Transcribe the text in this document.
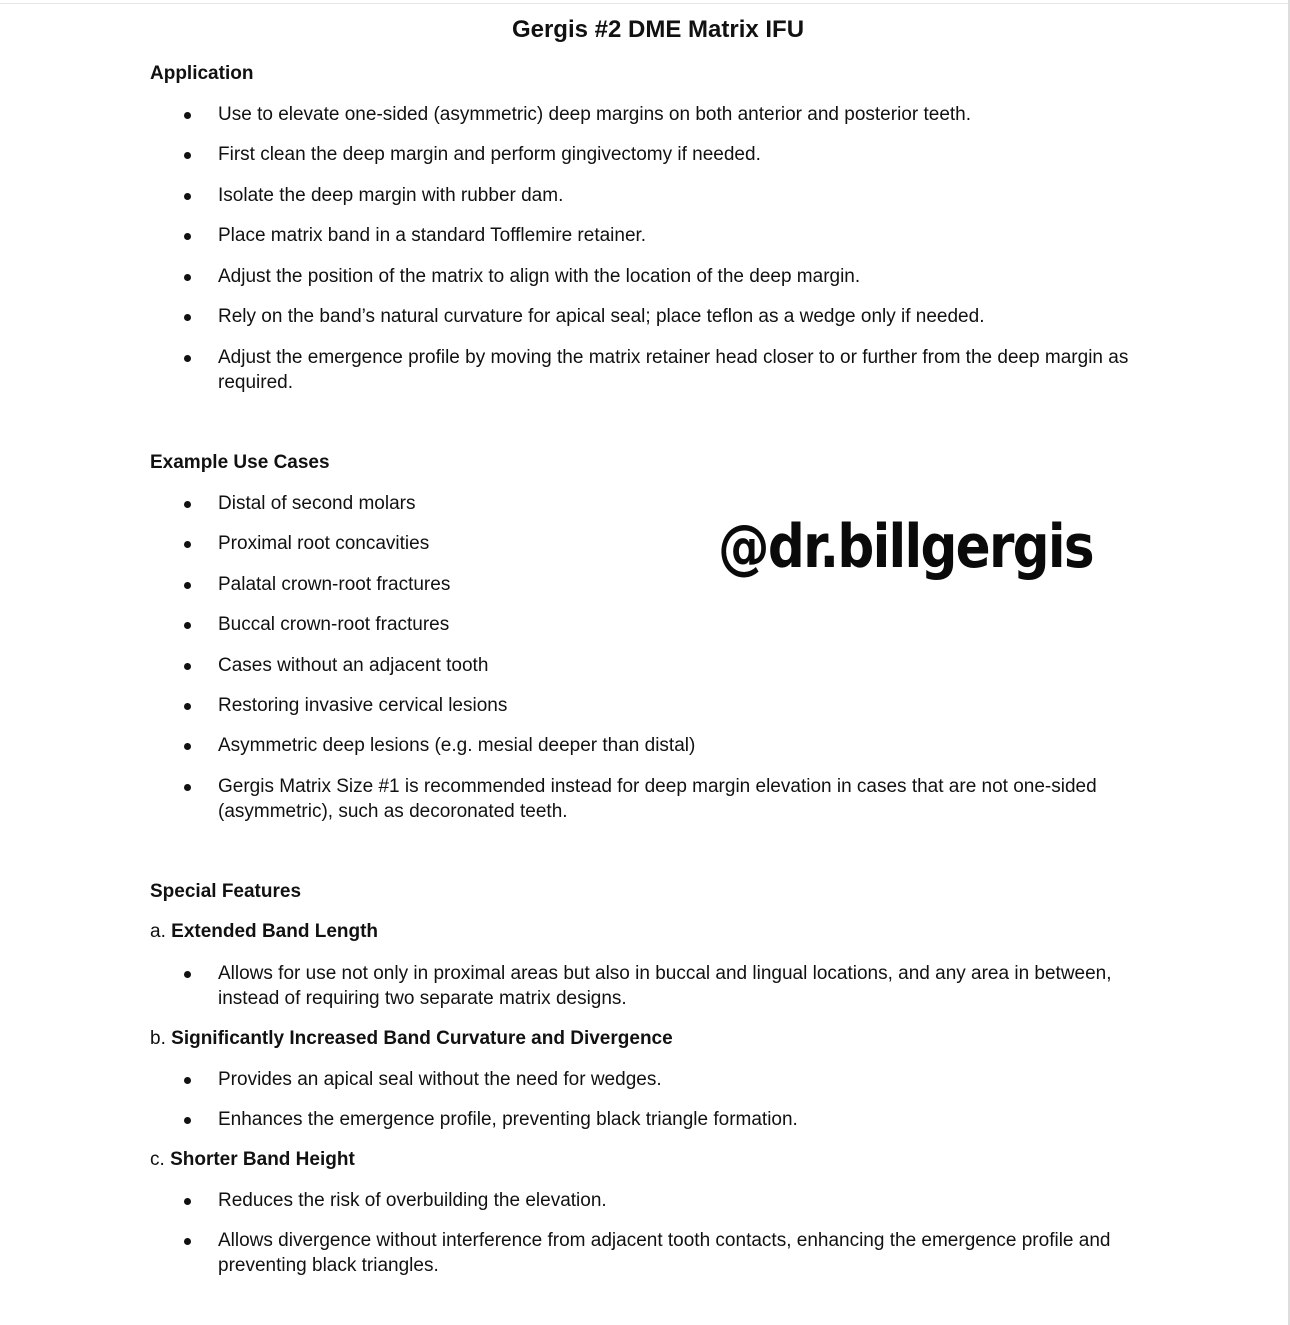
Gergis #2 DME Matrix IFU
Application
Use to elevate one-sided (asymmetric) deep margins on both anterior and posterior teeth.
First clean the deep margin and perform gingivectomy if needed.
Isolate the deep margin with rubber dam.
Place matrix band in a standard Tofflemire retainer.
Adjust the position of the matrix to align with the location of the deep margin.
Rely on the band’s natural curvature for apical seal; place teflon as a wedge only if needed.
Adjust the emergence profile by moving the matrix retainer head closer to or further from the deep margin as required.
Example Use Cases
Distal of second molars
Proximal root concavities
Palatal crown-root fractures
Buccal crown-root fractures
Cases without an adjacent tooth
Restoring invasive cervical lesions
Asymmetric deep lesions (e.g. mesial deeper than distal)
Gergis Matrix Size #1 is recommended instead for deep margin elevation in cases that are not one-sided (asymmetric), such as decoronated teeth.
@dr.billgergis
Special Features
a. Extended Band Length
Allows for use not only in proximal areas but also in buccal and lingual locations, and any area in between, instead of requiring two separate matrix designs.
b. Significantly Increased Band Curvature and Divergence
Provides an apical seal without the need for wedges.
Enhances the emergence profile, preventing black triangle formation.
c. Shorter Band Height
Reduces the risk of overbuilding the elevation.
Allows divergence without interference from adjacent tooth contacts, enhancing the emergence profile and preventing black triangles.
